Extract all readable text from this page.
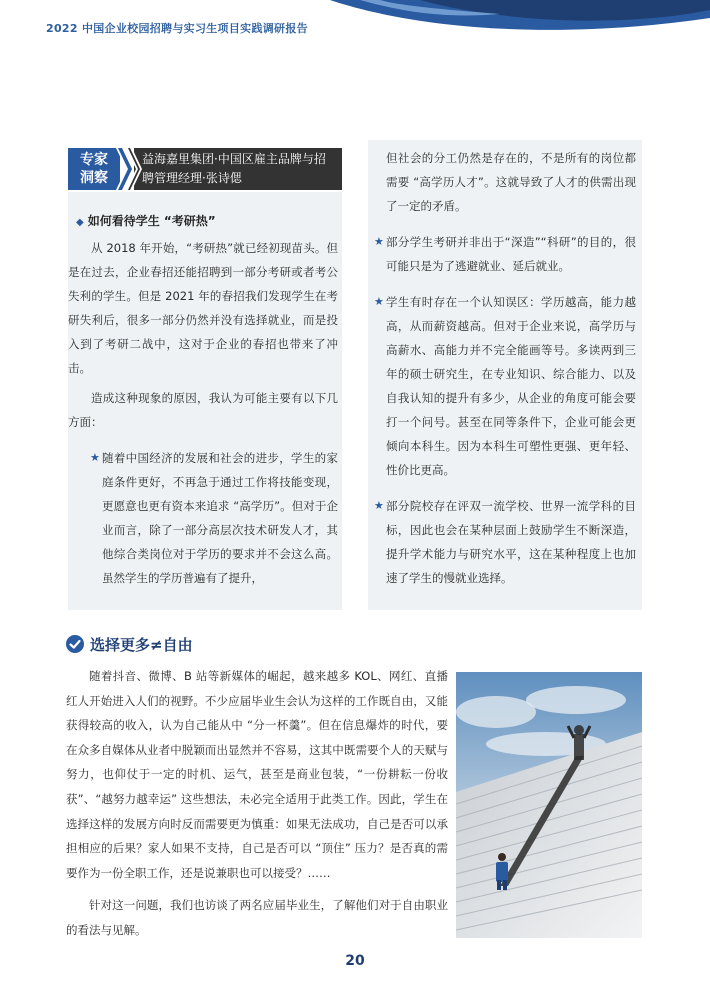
2022 中国企业校园招聘与实习生项目实践调研报告
专家
洞察
益海嘉里集团·中国区雇主品牌与招
聘管理经理·张诗偲
◆ 如何看待学生 “考研热”

从 2018 年开始，“考研热”就已经初现苗头。但是在过去，企业春招还能招聘到一部分考研或者考公失利的学生。但是 2021 年的春招我们发现学生在考研失利后，很多一部分仍然并没有选择就业，而是投入到了考研二战中，这对于企业的春招也带来了冲击。

造成这种现象的原因，我认为可能主要有以下几方面：

★ 随着中国经济的发展和社会的进步，学生的家庭条件更好，不再急于通过工作将技能变现，更愿意也更有资本来追求 “高学历”。但对于企业而言，除了一部分高层次技术研发人才，其他综合类岗位对于学历的要求并不会这么高。虽然学生的学历普遍有了提升，

但社会的分工仍然是存在的，不是所有的岗位都需要 “高学历人才”。这就导致了人才的供需出现了一定的矛盾。

★ 部分学生考研并非出于“深造”“科研”的目的，很可能只是为了逃避就业、延后就业。

★ 学生有时存在一个认知误区：学历越高，能力越高，从而薪资越高。但对于企业来说，高学历与高薪水、高能力并不完全能画等号。多读两到三年的硕士研究生，在专业知识、综合能力、以及自我认知的提升有多少，从企业的角度可能会要打一个问号。甚至在同等条件下，企业可能会更倾向本科生。因为本科生可塑性更强、更年轻、性价比更高。

★ 部分院校存在评双一流学校、世界一流学科的目标，因此也会在某种层面上鼓励学生不断深造，提升学术能力与研究水平，这在某种程度上也加速了学生的慢就业选择。

选择更多≠自由

随着抖音、微博、B 站等新媒体的崛起，越来越多 KOL、网红、直播红人开始进入人们的视野。不少应届毕业生会认为这样的工作既自由，又能获得较高的收入，认为自己能从中 “分一杯羹”。但在信息爆炸的时代，要在众多自媒体从业者中脱颖而出显然并不容易，这其中既需要个人的天赋与努力，也仰仗于一定的时机、运气，甚至是商业包装，“一份耕耘一份收获”、“越努力越幸运” 这些想法，未必完全适用于此类工作。因此，学生在选择这样的发展方向时反而需要更为慎重：如果无法成功，自己是否可以承担相应的后果？家人如果不支持，自己是否可以 “顶住” 压力？是否真的需要作为一份全职工作，还是说兼职也可以接受？……

针对这一问题，我们也访谈了两名应届毕业生，了解他们对于自由职业的看法与见解。

20
